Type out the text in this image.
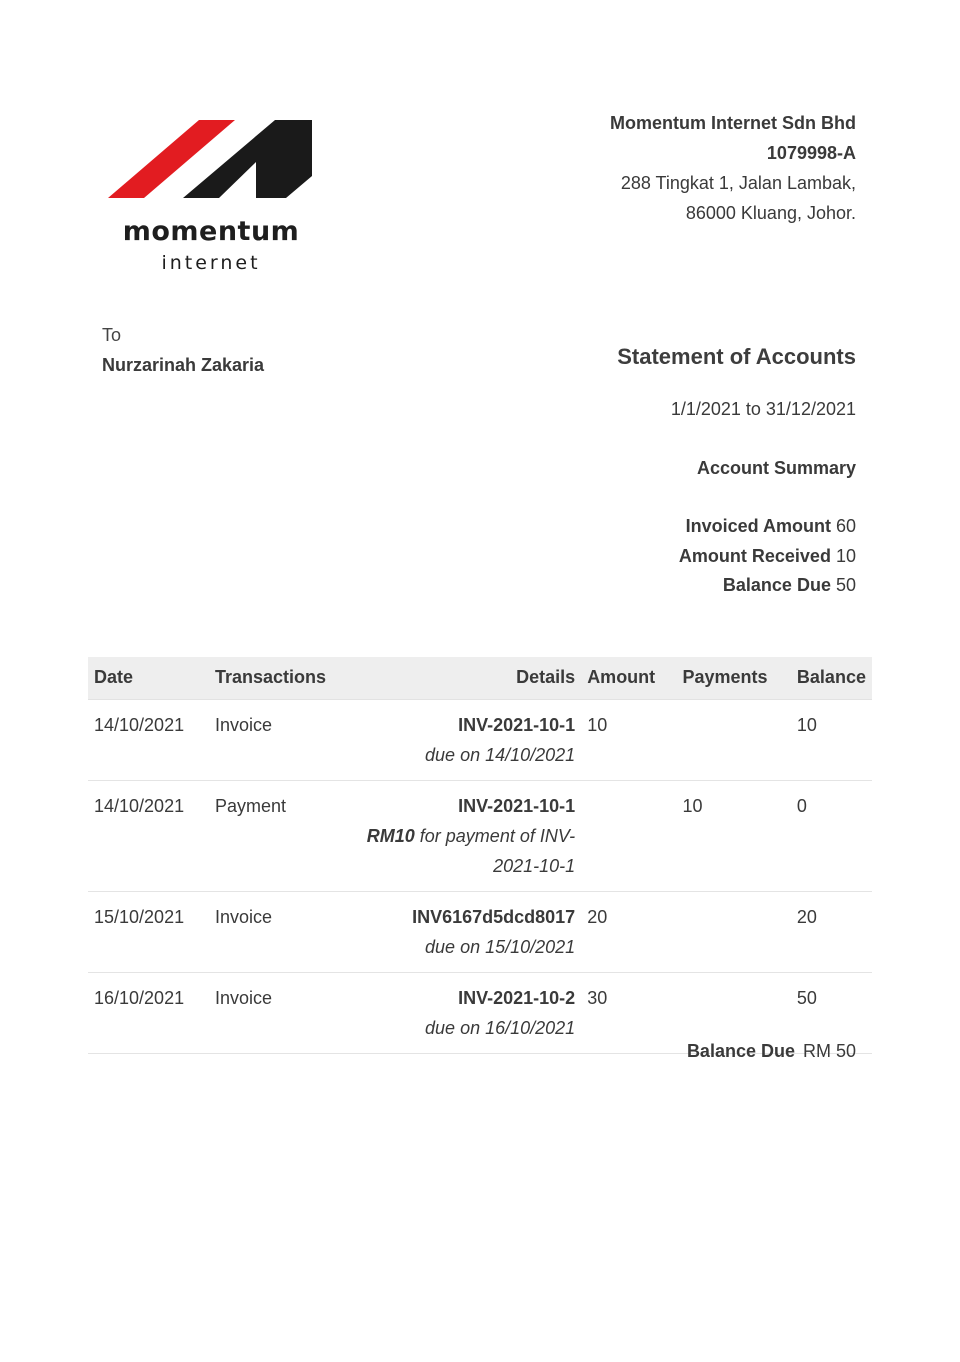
momentum
internet
Momentum Internet Sdn Bhd
1079998-A
288 Tingkat 1, Jalan Lambak,
86000 Kluang, Johor.
To
Nurzarinah Zakaria	Statement of Accounts
1/1/2021 to 31/12/2021
Account Summary
Invoiced Amount 60
Amount Received 10
Balance Due 50
Date	Transactions	Details	Amount	Payments	Balance
14/10/2021	Invoice	INV-2021-10-1
due on 14/10/2021	10		10
14/10/2021	Payment	INV-2021-10-1
RM10 for payment of INV-2021-10-1		10	0
15/10/2021	Invoice	INV6167d5dcd8017
due on 15/10/2021	20		20
16/10/2021	Invoice	INV-2021-10-2
due on 16/10/2021	30		50
Balance Due RM 50
